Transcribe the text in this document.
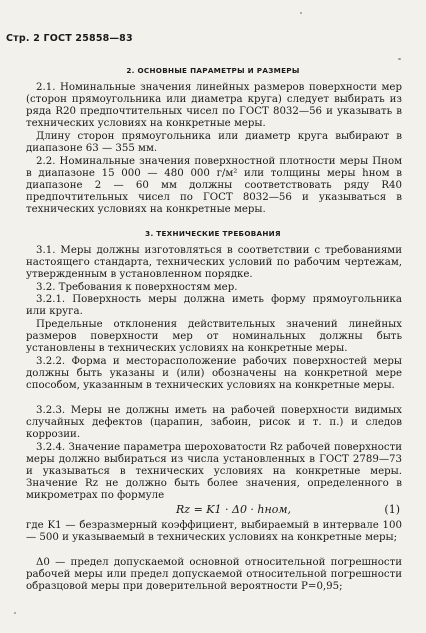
Стр. 2 ГОСТ 25858—83
2. ОСНОВНЫЕ ПАРАМЕТРЫ И РАЗМЕРЫ

2.1. Номинальные значения линейных размеров поверхности мер (сторон прямоугольника или диаметра круга) следует выбирать из ряда R20 предпочтительных чисел по ГОСТ 8032—56 и указывать в технических условиях на конкретные меры.

Длину сторон прямоугольника или диаметр круга выбирают в диапазоне 63 — 355 мм.

2.2. Номинальные значения поверхностной плотности меры Пном в диапазоне 15 000 — 480 000 г/м² или толщины меры hном в диапазоне 2 — 60 мм должны соответствовать ряду R40 предпочтительных чисел по ГОСТ 8032—56 и указываться в технических условиях на конкретные меры.

3. ТЕХНИЧЕСКИЕ ТРЕБОВАНИЯ

3.1. Меры должны изготовляться в соответствии с требованиями настоящего стандарта, технических условий по рабочим чертежам, утвержденным в установленном порядке.

3.2. Требования к поверхностям мер.

3.2.1. Поверхность меры должна иметь форму прямоугольника или круга.

Предельные отклонения действительных значений линейных размеров поверхности мер от номинальных должны быть установлены в технических условиях на конкретные меры.

3.2.2. Форма и месторасположение рабочих поверхностей меры должны быть указаны и (или) обозначены на конкретной мере способом, указанным в технических условиях на конкретные меры.

3.2.3. Меры не должны иметь на рабочей поверхности видимых случайных дефектов (царапин, забоин, рисок и т. п.) и следов коррозии.

3.2.4. Значение параметра шероховатости Rz рабочей поверхности меры должно выбираться из числа установленных в ГОСТ 2789—73 и указываться в технических условиях на конкретные меры. Значение Rz не должно быть более значения, определенного в микрометрах по формуле

Rz = K1 · Δ0 · hном,	(1)

где K1 — безразмерный коэффициент, выбираемый в интервале 100 — 500 и указываемый в технических условиях на конкретные меры;

Δ0 — предел допускаемой основной относительной погрешности рабочей меры или предел допускаемой относительной погрешности образцовой меры при доверительной вероятности P=0,95;
